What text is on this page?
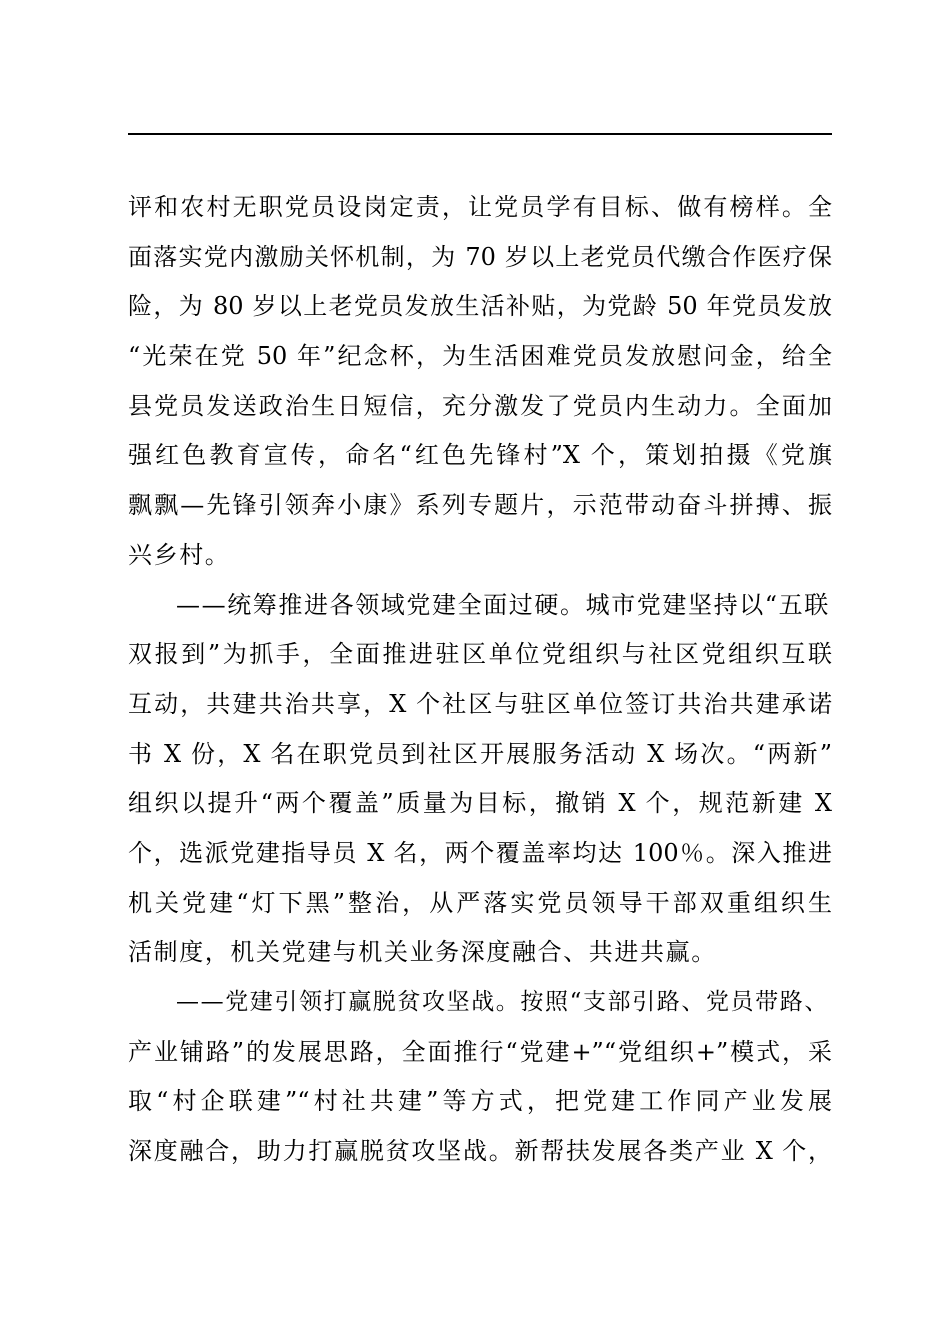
评和农村无职党员设岗定责，让党员学有目标、做有榜样。全
面落实党内激励关怀机制，为 70 岁以上老党员代缴合作医疗保
险，为 80 岁以上老党员发放生活补贴，为党龄 50 年党员发放
“光荣在党 50 年”纪念杯，为生活困难党员发放慰问金，给全
县党员发送政治生日短信，充分激发了党员内生动力。全面加
强红色教育宣传，命名“红色先锋村”X 个，策划拍摄《党旗
飘飘—先锋引领奔小康》系列专题片，示范带动奋斗拼搏、振
兴乡村。
——统筹推进各领域党建全面过硬。城市党建坚持以“五联
双报到”为抓手，全面推进驻区单位党组织与社区党组织互联
互动，共建共治共享，X 个社区与驻区单位签订共治共建承诺
书 X 份，X 名在职党员到社区开展服务活动 X 场次。“两新”
组织以提升“两个覆盖”质量为目标，撤销 X 个，规范新建 X
个，选派党建指导员 X 名，两个覆盖率均达 100％。深入推进
机关党建“灯下黑”整治，从严落实党员领导干部双重组织生
活制度，机关党建与机关业务深度融合、共进共赢。
——党建引领打赢脱贫攻坚战。按照“支部引路、党员带路、
产业铺路”的发展思路，全面推行“党建+”“党组织+”模式，采
取“村企联建”“村社共建”等方式，把党建工作同产业发展
深度融合，助力打赢脱贫攻坚战。新帮扶发展各类产业 X 个，
